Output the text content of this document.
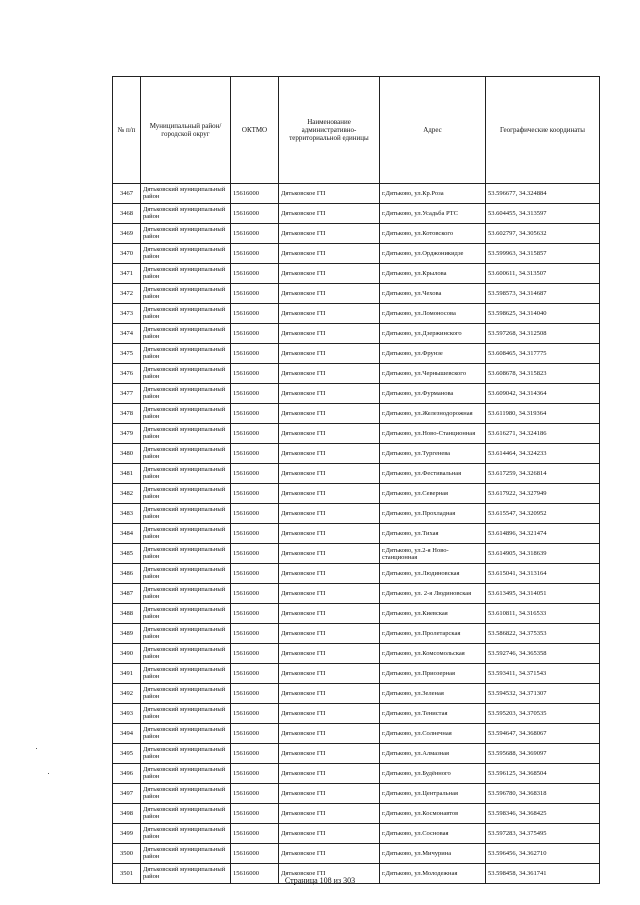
№ п/п	Муниципальный район/городской округ	ОКТМО	Наименование административно-территориальной единицы	Адрес	Географические координаты
3467	Дятьковский муниципальный район	15616000	Дятьковское ГП	г.Дятьково, ул.Кр.Роза	53.596677, 34.324884
3468	Дятьковский муниципальный район	15616000	Дятьковское ГП	г.Дятьково, ул.Усадьба РТС	53.604455, 34.313597
3469	Дятьковский муниципальный район	15616000	Дятьковское ГП	г.Дятьково, ул.Котовского	53.602797, 34.305632
3470	Дятьковский муниципальный район	15616000	Дятьковское ГП	г.Дятьково, ул.Орджоникидзе	53.599963, 34.315857
3471	Дятьковский муниципальный район	15616000	Дятьковское ГП	г.Дятьково, ул.Крылова	53.600611, 34.313507
3472	Дятьковский муниципальный район	15616000	Дятьковское ГП	г.Дятьково, ул.Чехова	53.598573, 34.314687
3473	Дятьковский муниципальный район	15616000	Дятьковское ГП	г.Дятьково, ул.Ломоносова	53.598625, 34.314040
3474	Дятьковский муниципальный район	15616000	Дятьковское ГП	г.Дятьково, ул.Дзержинского	53.597268, 34.312508
3475	Дятьковский муниципальный район	15616000	Дятьковское ГП	г.Дятьково, ул.Фрунзе	53.608465, 34.317775
3476	Дятьковский муниципальный район	15616000	Дятьковское ГП	г.Дятьково, ул.Чернышевского	53.608678, 34.315823
3477	Дятьковский муниципальный район	15616000	Дятьковское ГП	г.Дятьково, ул.Фурманова	53.609042, 34.314364
3478	Дятьковский муниципальный район	15616000	Дятьковское ГП	г.Дятьково, ул.Железнодорожная	53.611980, 34.319364
3479	Дятьковский муниципальный район	15616000	Дятьковское ГП	г.Дятьково, ул.Ново-Станционная	53.616271, 34.324186
3480	Дятьковский муниципальный район	15616000	Дятьковское ГП	г.Дятьково, ул.Тургенева	53.614464, 34.324233
3481	Дятьковский муниципальный район	15616000	Дятьковское ГП	г.Дятьково, ул.Фестивальная	53.617259, 34.326814
3482	Дятьковский муниципальный район	15616000	Дятьковское ГП	г.Дятьково, ул.Северная	53.617922, 34.327949
3483	Дятьковский муниципальный район	15616000	Дятьковское ГП	г.Дятьково, ул.Прохладная	53.615547, 34.320952
3484	Дятьковский муниципальный район	15616000	Дятьковское ГП	г.Дятьково, ул.Тихая	53.614896, 34.321474
3485	Дятьковский муниципальный район	15616000	Дятьковское ГП	г.Дятьково, ул.2-я Ново-станционная	53.614905, 34.318639
3486	Дятьковский муниципальный район	15616000	Дятьковское ГП	г.Дятьково, ул.Людиновская	53.615041, 34.313164
3487	Дятьковский муниципальный район	15616000	Дятьковское ГП	г.Дятьково, ул. 2-я Людиновская	53.613495, 34.314051
3488	Дятьковский муниципальный район	15616000	Дятьковское ГП	г.Дятьково, ул.Киевская	53.610811, 34.316533
3489	Дятьковский муниципальный район	15616000	Дятьковское ГП	г.Дятьково, ул.Пролетарская	53.586822, 34.375353
3490	Дятьковский муниципальный район	15616000	Дятьковское ГП	г.Дятьково, ул.Комсомольская	53.592746, 34.365358
3491	Дятьковский муниципальный район	15616000	Дятьковское ГП	г.Дятьково, ул.Приозерная	53.593411, 34.371543
3492	Дятьковский муниципальный район	15616000	Дятьковское ГП	г.Дятьково, ул.Зеленая	53.594532, 34.371307
3493	Дятьковский муниципальный район	15616000	Дятьковское ГП	г.Дятьково, ул.Тенистая	53.595203, 34.370535
3494	Дятьковский муниципальный район	15616000	Дятьковское ГП	г.Дятьково, ул.Солнечная	53.594647, 34.368067
3495	Дятьковский муниципальный район	15616000	Дятьковское ГП	г.Дятьково, ул.Алмазная	53.595688, 34.369097
3496	Дятьковский муниципальный район	15616000	Дятьковское ГП	г.Дятьково, ул.Будённого	53.596125, 34.368504
3497	Дятьковский муниципальный район	15616000	Дятьковское ГП	г.Дятьково, ул.Центральная	53.596780, 34.368318
3498	Дятьковский муниципальный район	15616000	Дятьковское ГП	г.Дятьково, ул.Космонавтов	53.598346, 34.368425
3499	Дятьковский муниципальный район	15616000	Дятьковское ГП	г.Дятьково, ул.Сосновая	53.597283, 34.375495
3500	Дятьковский муниципальный район	15616000	Дятьковское ГП	г.Дятьково, ул.Мичурина	53.596456, 34.362710
3501	Дятьковский муниципальный район	15616000	Дятьковское ГП	г.Дятьково, ул.Молодежная	53.598458, 34.361741
Страница 108 из 303
